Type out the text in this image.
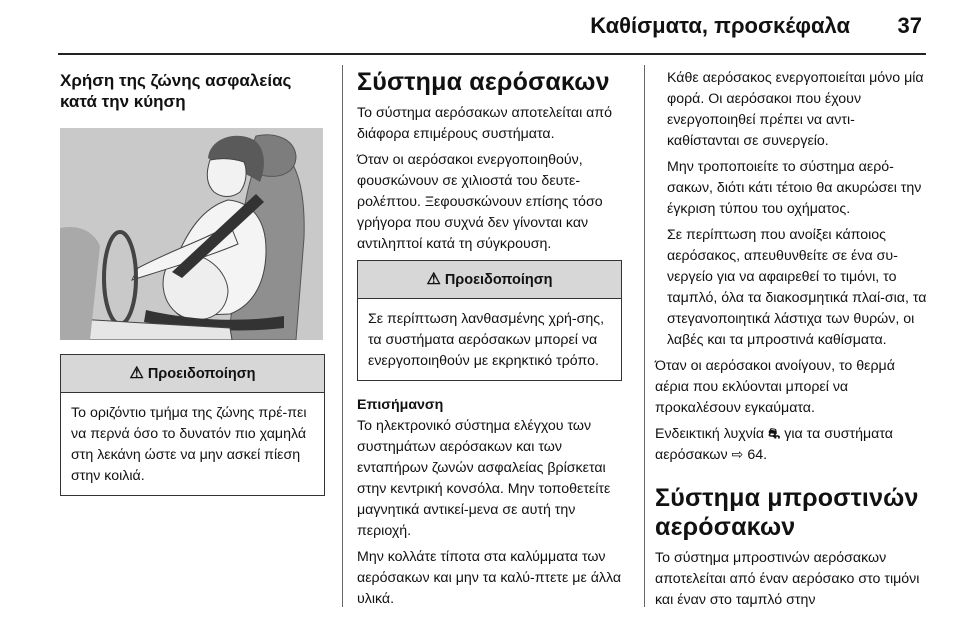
Καθίσματα, προσκέφαλα 37
Χρήση της ζώνης ασφαλείας κατά την κύηση
⚠ Προειδοποίηση

Το οριζόντιο τμήμα της ζώνης πρέ-πει να περνά όσο το δυνατόν πιο χαμηλά στη λεκάνη ώστε να μην ασκεί πίεση στην κοιλιά.

Σύστημα αερόσακων

Το σύστημα αερόσακων αποτελείται από διάφορα επιμέρους συστήματα.

Όταν οι αερόσακοι ενεργοποιηθούν, φουσκώνουν σε χιλιοστά του δευτε-ρολέπτου. Ξεφουσκώνουν επίσης τόσο γρήγορα που συχνά δεν γίνονται καν αντιληπτοί κατά τη σύγκρουση.

⚠ Προειδοποίηση

Σε περίπτωση λανθασμένης χρή-σης, τα συστήματα αερόσακων μπορεί να ενεργοποιηθούν με εκρηκτικό τρόπο.

Επισήμανση

Το ηλεκτρονικό σύστημα ελέγχου των συστημάτων αερόσακων και των ενταπήρων ζωνών ασφαλείας βρίσκεται στην κεντρική κονσόλα. Μην τοποθετείτε μαγνητικά αντικεί-μενα σε αυτή την περιοχή.

Μην κολλάτε τίποτα στα καλύμματα των αερόσακων και μην τα καλύ-πτετε με άλλα υλικά.

Κάθε αερόσακος ενεργοποιείται μόνο μία φορά. Οι αερόσακοι που έχουν ενεργοποιηθεί πρέπει να αντι-καθίστανται σε συνεργείο.

Μην τροποποιείτε το σύστημα αερό-σακων, διότι κάτι τέτοιο θα ακυρώσει την έγκριση τύπου του οχήματος.

Σε περίπτωση που ανοίξει κάποιος αερόσακος, απευθυνθείτε σε ένα συ-νεργείο για να αφαιρεθεί το τιμόνι, το ταμπλό, όλα τα διακοσμητικά πλαί-σια, τα στεγανοποιητικά λάστιχα των θυρών, οι λαβές και τα μπροστινά καθίσματα.

Όταν οι αερόσακοι ανοίγουν, το θερμά αέρια που εκλύονται μπορεί να προκαλέσουν εγκαύματα.

Ενδεικτική λυχνία ⛐ για τα συστήματα αερόσακων ⇨ 64.

Σύστημα μπροστινών αερόσακων

Το σύστημα μπροστινών αερόσακων αποτελείται από έναν αερόσακο στο τιμόνι και έναν στο ταμπλό στην
